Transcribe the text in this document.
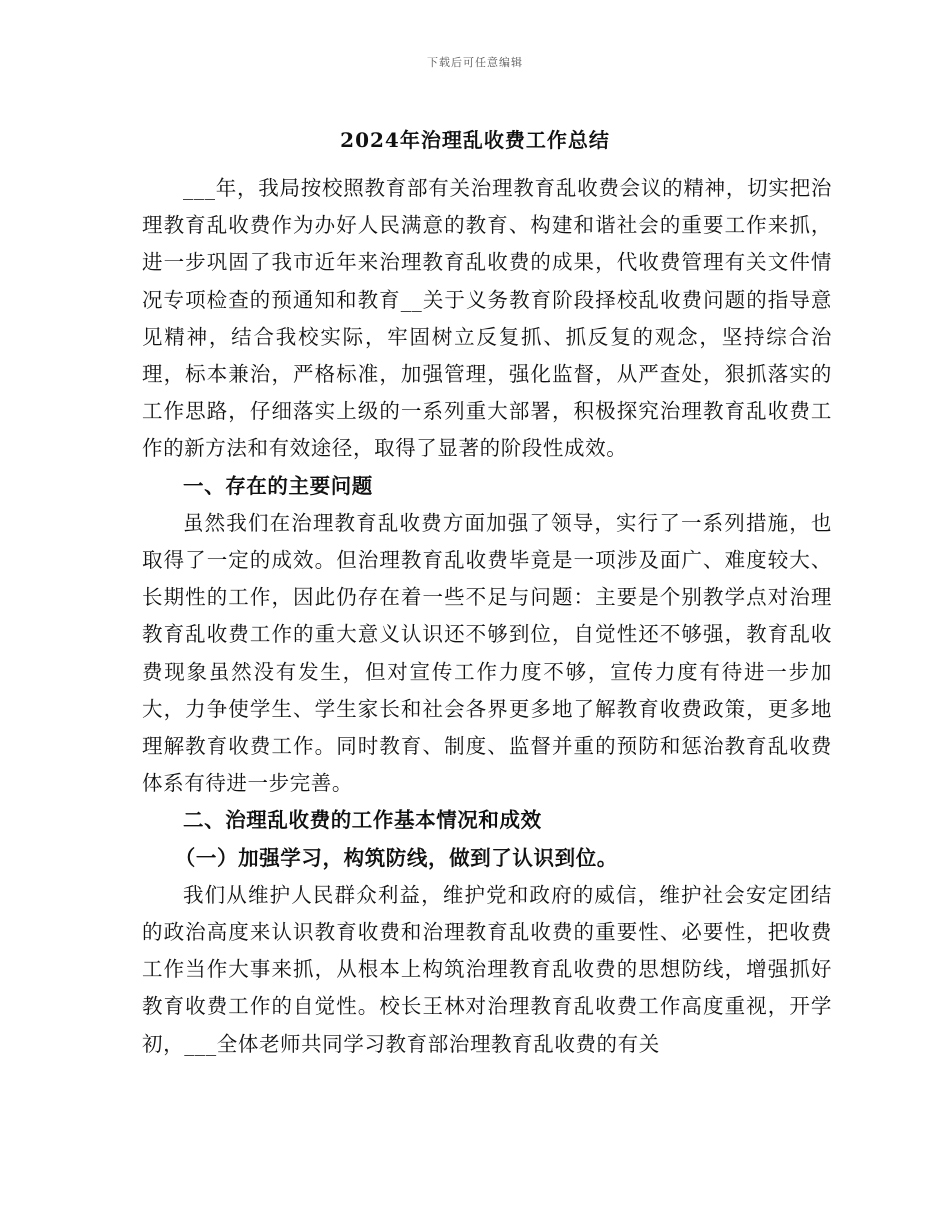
下载后可任意编辑
2024年治理乱收费工作总结

___年，我局按校照教育部有关治理教育乱收费会议的精神，切实把治理教育乱收费作为办好人民满意的教育、构建和谐社会的重要工作来抓，进一步巩固了我市近年来治理教育乱收费的成果，代收费管理有关文件情况专项检查的预通知和教育__关于义务教育阶段择校乱收费问题的指导意见精神，结合我校实际，牢固树立反复抓、抓反复的观念，坚持综合治理，标本兼治，严格标准，加强管理，强化监督，从严查处，狠抓落实的工作思路，仔细落实上级的一系列重大部署，积极探究治理教育乱收费工作的新方法和有效途径，取得了显著的阶段性成效。

一、存在的主要问题

虽然我们在治理教育乱收费方面加强了领导，实行了一系列措施，也取得了一定的成效。但治理教育乱收费毕竟是一项涉及面广、难度较大、长期性的工作，因此仍存在着一些不足与问题：主要是个别教学点对治理教育乱收费工作的重大意义认识还不够到位，自觉性还不够强，教育乱收费现象虽然没有发生，但对宣传工作力度不够，宣传力度有待进一步加大，力争使学生、学生家长和社会各界更多地了解教育收费政策，更多地理解教育收费工作。同时教育、制度、监督并重的预防和惩治教育乱收费体系有待进一步完善。

二、治理乱收费的工作基本情况和成效
（一）加强学习，构筑防线，做到了认识到位。

我们从维护人民群众利益，维护党和政府的威信，维护社会安定团结的政治高度来认识教育收费和治理教育乱收费的重要性、必要性，把收费工作当作大事来抓，从根本上构筑治理教育乱收费的思想防线，增强抓好教育收费工作的自觉性。校长王林对治理教育乱收费工作高度重视，开学初，___全体老师共同学习教育部治理教育乱收费的有关
